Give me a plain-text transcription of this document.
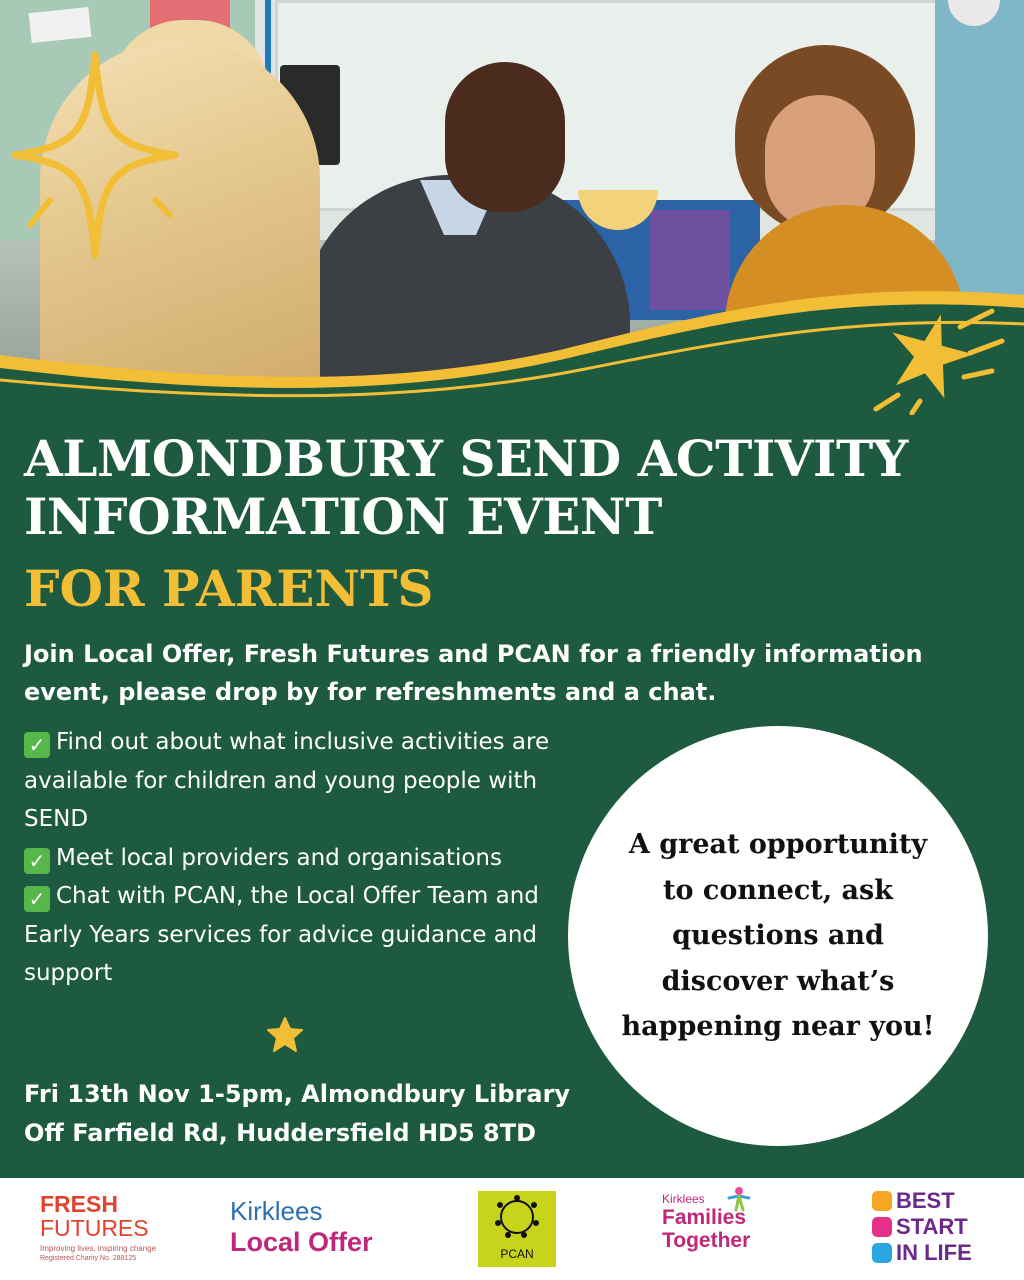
ALMONDBURY SEND ACTIVITY
INFORMATION EVENT
FOR PARENTS

Join Local Offer, Fresh Futures and PCAN for a friendly information event, please drop by for refreshments and a chat.

✓ Find out about what inclusive activities are available for children and young people with SEND
✓ Meet local providers and organisations
✓ Chat with PCAN, the Local Offer Team and Early Years services for advice guidance and support

Fri 13th Nov 1-5pm, Almondbury Library
Off Farfield Rd, Huddersfield HD5 8TD

A great opportunity to connect, ask questions and discover what’s happening near you!

FRESH
FUTURES
Improving lives, inspiring change
Registered Charity No. 288125
Kirklees
Local Offer	PCAN
Kirklees
Families
Together
BEST
START
IN LIFE
